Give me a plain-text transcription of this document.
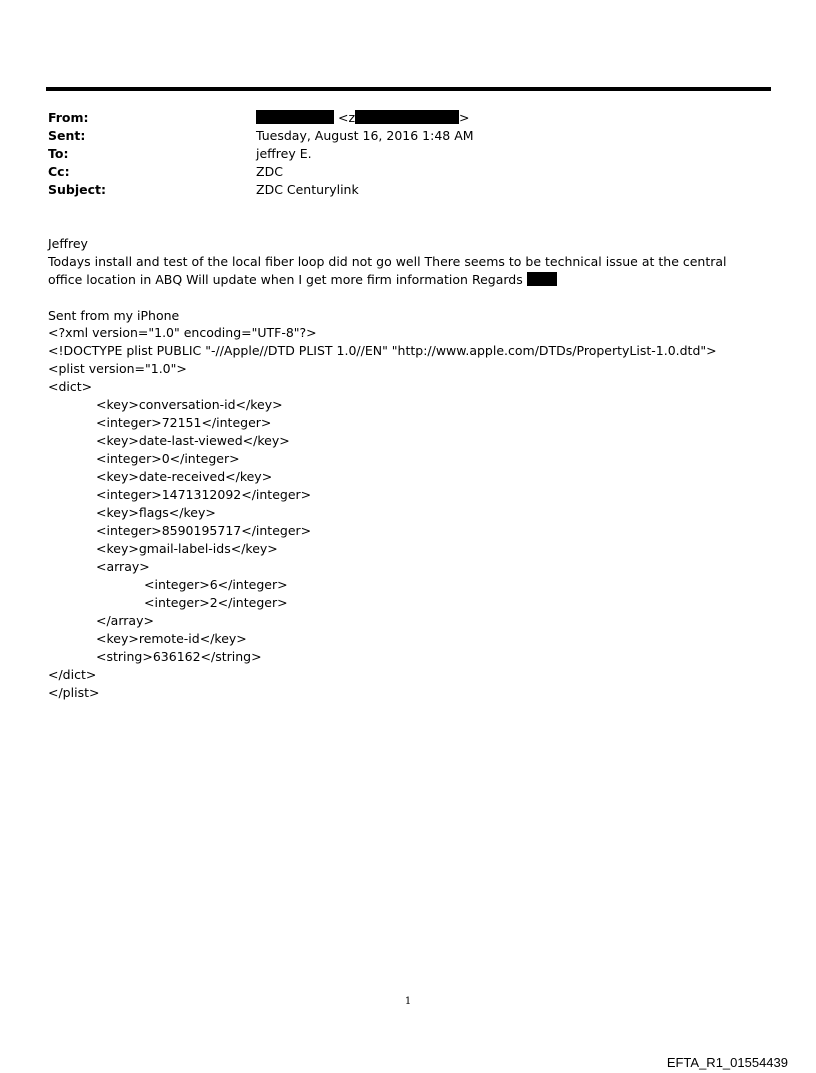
From:	<z	>
Sent:	Tuesday, August 16, 2016 1:48 AM
To:	jeffrey E.
Cc:	ZDC
Subject:	ZDC Centurylink
Jeffrey
Todays install and test of the local fiber loop did not go well There seems to be technical issue at the central office location in ABQ Will update when I get more firm information Regards
Sent from my iPhone
<?xml version="1.0" encoding="UTF-8"?>
<!DOCTYPE plist PUBLIC "-//Apple//DTD PLIST 1.0//EN" "http://www.apple.com/DTDs/PropertyList-1.0.dtd">
<plist version="1.0">
<dict>
<key>conversation-id</key>
<integer>72151</integer>
<key>date-last-viewed</key>
<integer>0</integer>
<key>date-received</key>
<integer>1471312092</integer>
<key>flags</key>
<integer>8590195717</integer>
<key>gmail-label-ids</key>
<array>
<integer>6</integer>
<integer>2</integer>
</array>
<key>remote-id</key>
<string>636162</string>
</dict>
</plist>
1
EFTA_R1_01554439
